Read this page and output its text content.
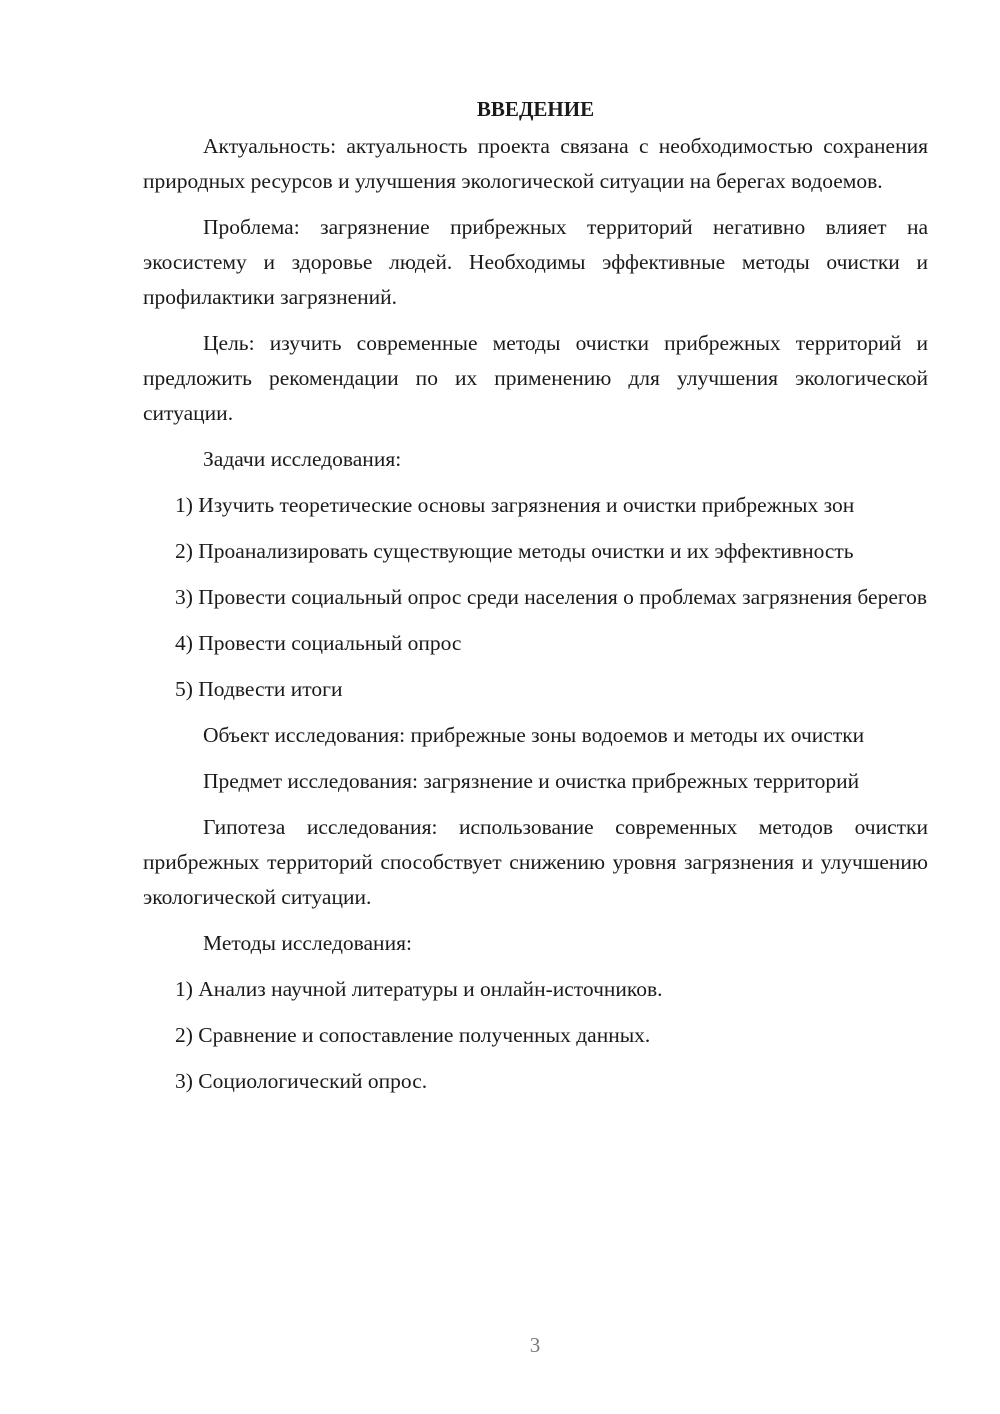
ВВЕДЕНИЕ

Актуальность: актуальность проекта связана с необходимостью сохранения природных ресурсов и улучшения экологической ситуации на берегах водоемов.

Проблема: загрязнение прибрежных территорий негативно влияет на экосистему и здоровье людей. Необходимы эффективные методы очистки и профилактики загрязнений.

Цель: изучить современные методы очистки прибрежных территорий и предложить рекомендации по их применению для улучшения экологической ситуации.

Задачи исследования:

1) Изучить теоретические основы загрязнения и очистки прибрежных зон

2) Проанализировать существующие методы очистки и их эффективность

3) Провести социальный опрос среди населения о проблемах загрязнения берегов

4) Провести социальный опрос

5) Подвести итоги

Объект исследования: прибрежные зоны водоемов и методы их очистки

Предмет исследования: загрязнение и очистка прибрежных территорий

Гипотеза исследования: использование современных методов очистки прибрежных территорий способствует снижению уровня загрязнения и улучшению экологической ситуации.

Методы исследования:

1) Анализ научной литературы и онлайн-источников.

2) Сравнение и сопоставление полученных данных.

3) Социологический опрос.

3
